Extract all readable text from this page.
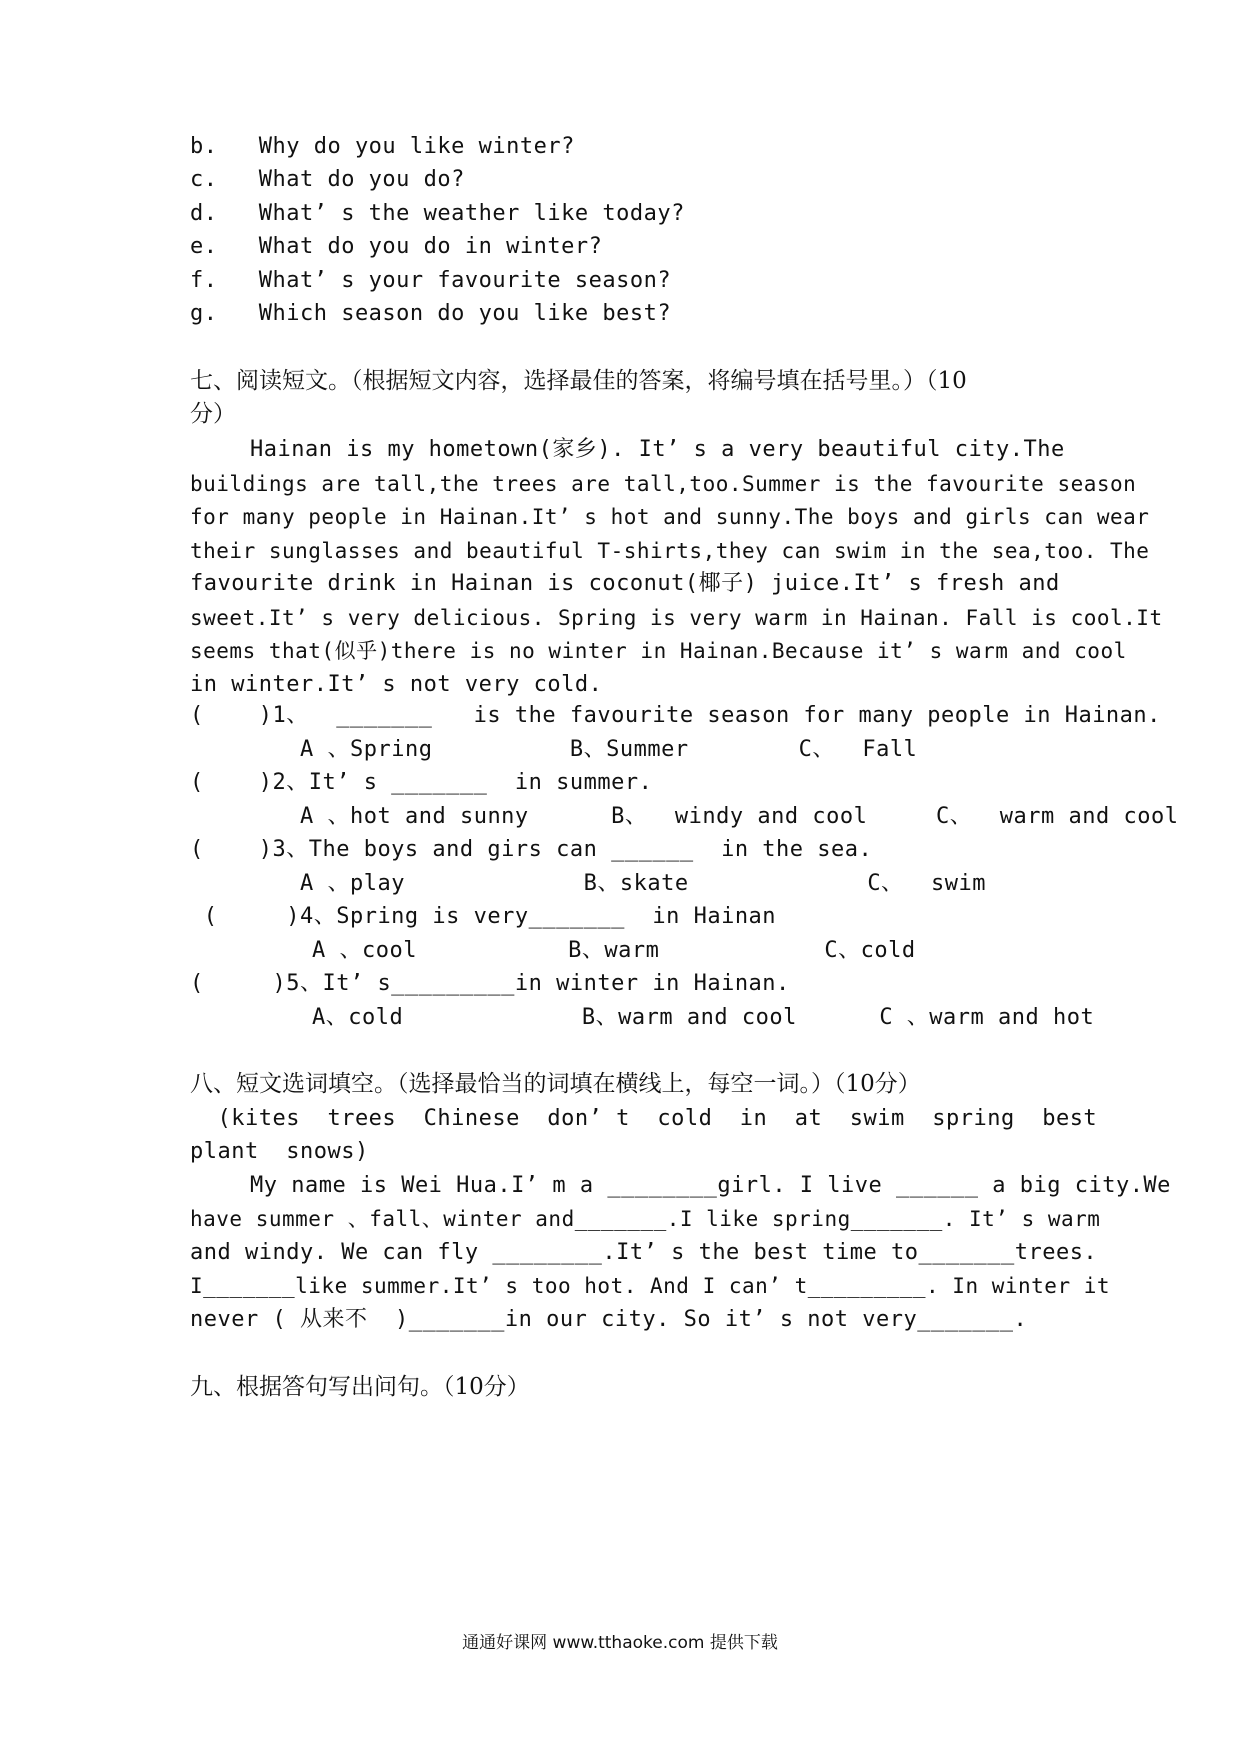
b.   Why do you like winter?
c.   What do you do?
d.   What’ s the weather like today?
e.   What do you do in winter?
f.   What’ s your favourite season?
g.   Which season do you like best?
七、阅读短文。（根据短文内容，选择最佳的答案，将编号填在括号里。）（10
分）
Hainan is my hometown(家乡). It’ s a very beautiful city.The
buildings are tall,the trees are tall,too.Summer is the favourite season
for many people in Hainan.It’ s hot and sunny.The boys and girls can wear
their sunglasses and beautiful T-shirts,they can swim in the sea,too. The
favourite drink in Hainan is coconut(椰子) juice.It’ s fresh and
sweet.It’ s very delicious. Spring is very warm in Hainan. Fall is cool.It
seems that(似乎)there is no winter in Hainan.Because it’ s warm and cool
in winter.It’ s not very cold.
(    )1、  _______   is the favourite season for many people in Hainan.
A 、Spring          B、Summer        C、  Fall
(    )2、It’ s _______  in summer.
A 、hot and sunny      B、  windy and cool     C、  warm and cool
(    )3、The boys and girs can ______  in the sea.
A 、play             B、skate             C、  swim
(     )4、Spring is very_______  in Hainan
A 、cool           B、warm            C、cold
(     )5、It’ s_________in winter in Hainan.
A、cold             B、warm and cool      C 、warm and hot
八、短文选词填空。（选择最恰当的词填在横线上，每空一词。）（10分）
(kites  trees  Chinese  don’ t  cold  in  at  swim  spring  best
plant  snows)
My name is Wei Hua.I’ m a ________girl. I live ______ a big city.We
have summer 、fall、winter and_______.I like spring_______. It’ s warm
and windy. We can fly ________.It’ s the best time to_______trees.
I_______like summer.It’ s too hot. And I can’ t_________. In winter it
never ( 从来不  )_______in our city. So it’ s not very_______.
九、根据答句写出问句。（10分）
通通好课网 www.tthaoke.com 提供下载
